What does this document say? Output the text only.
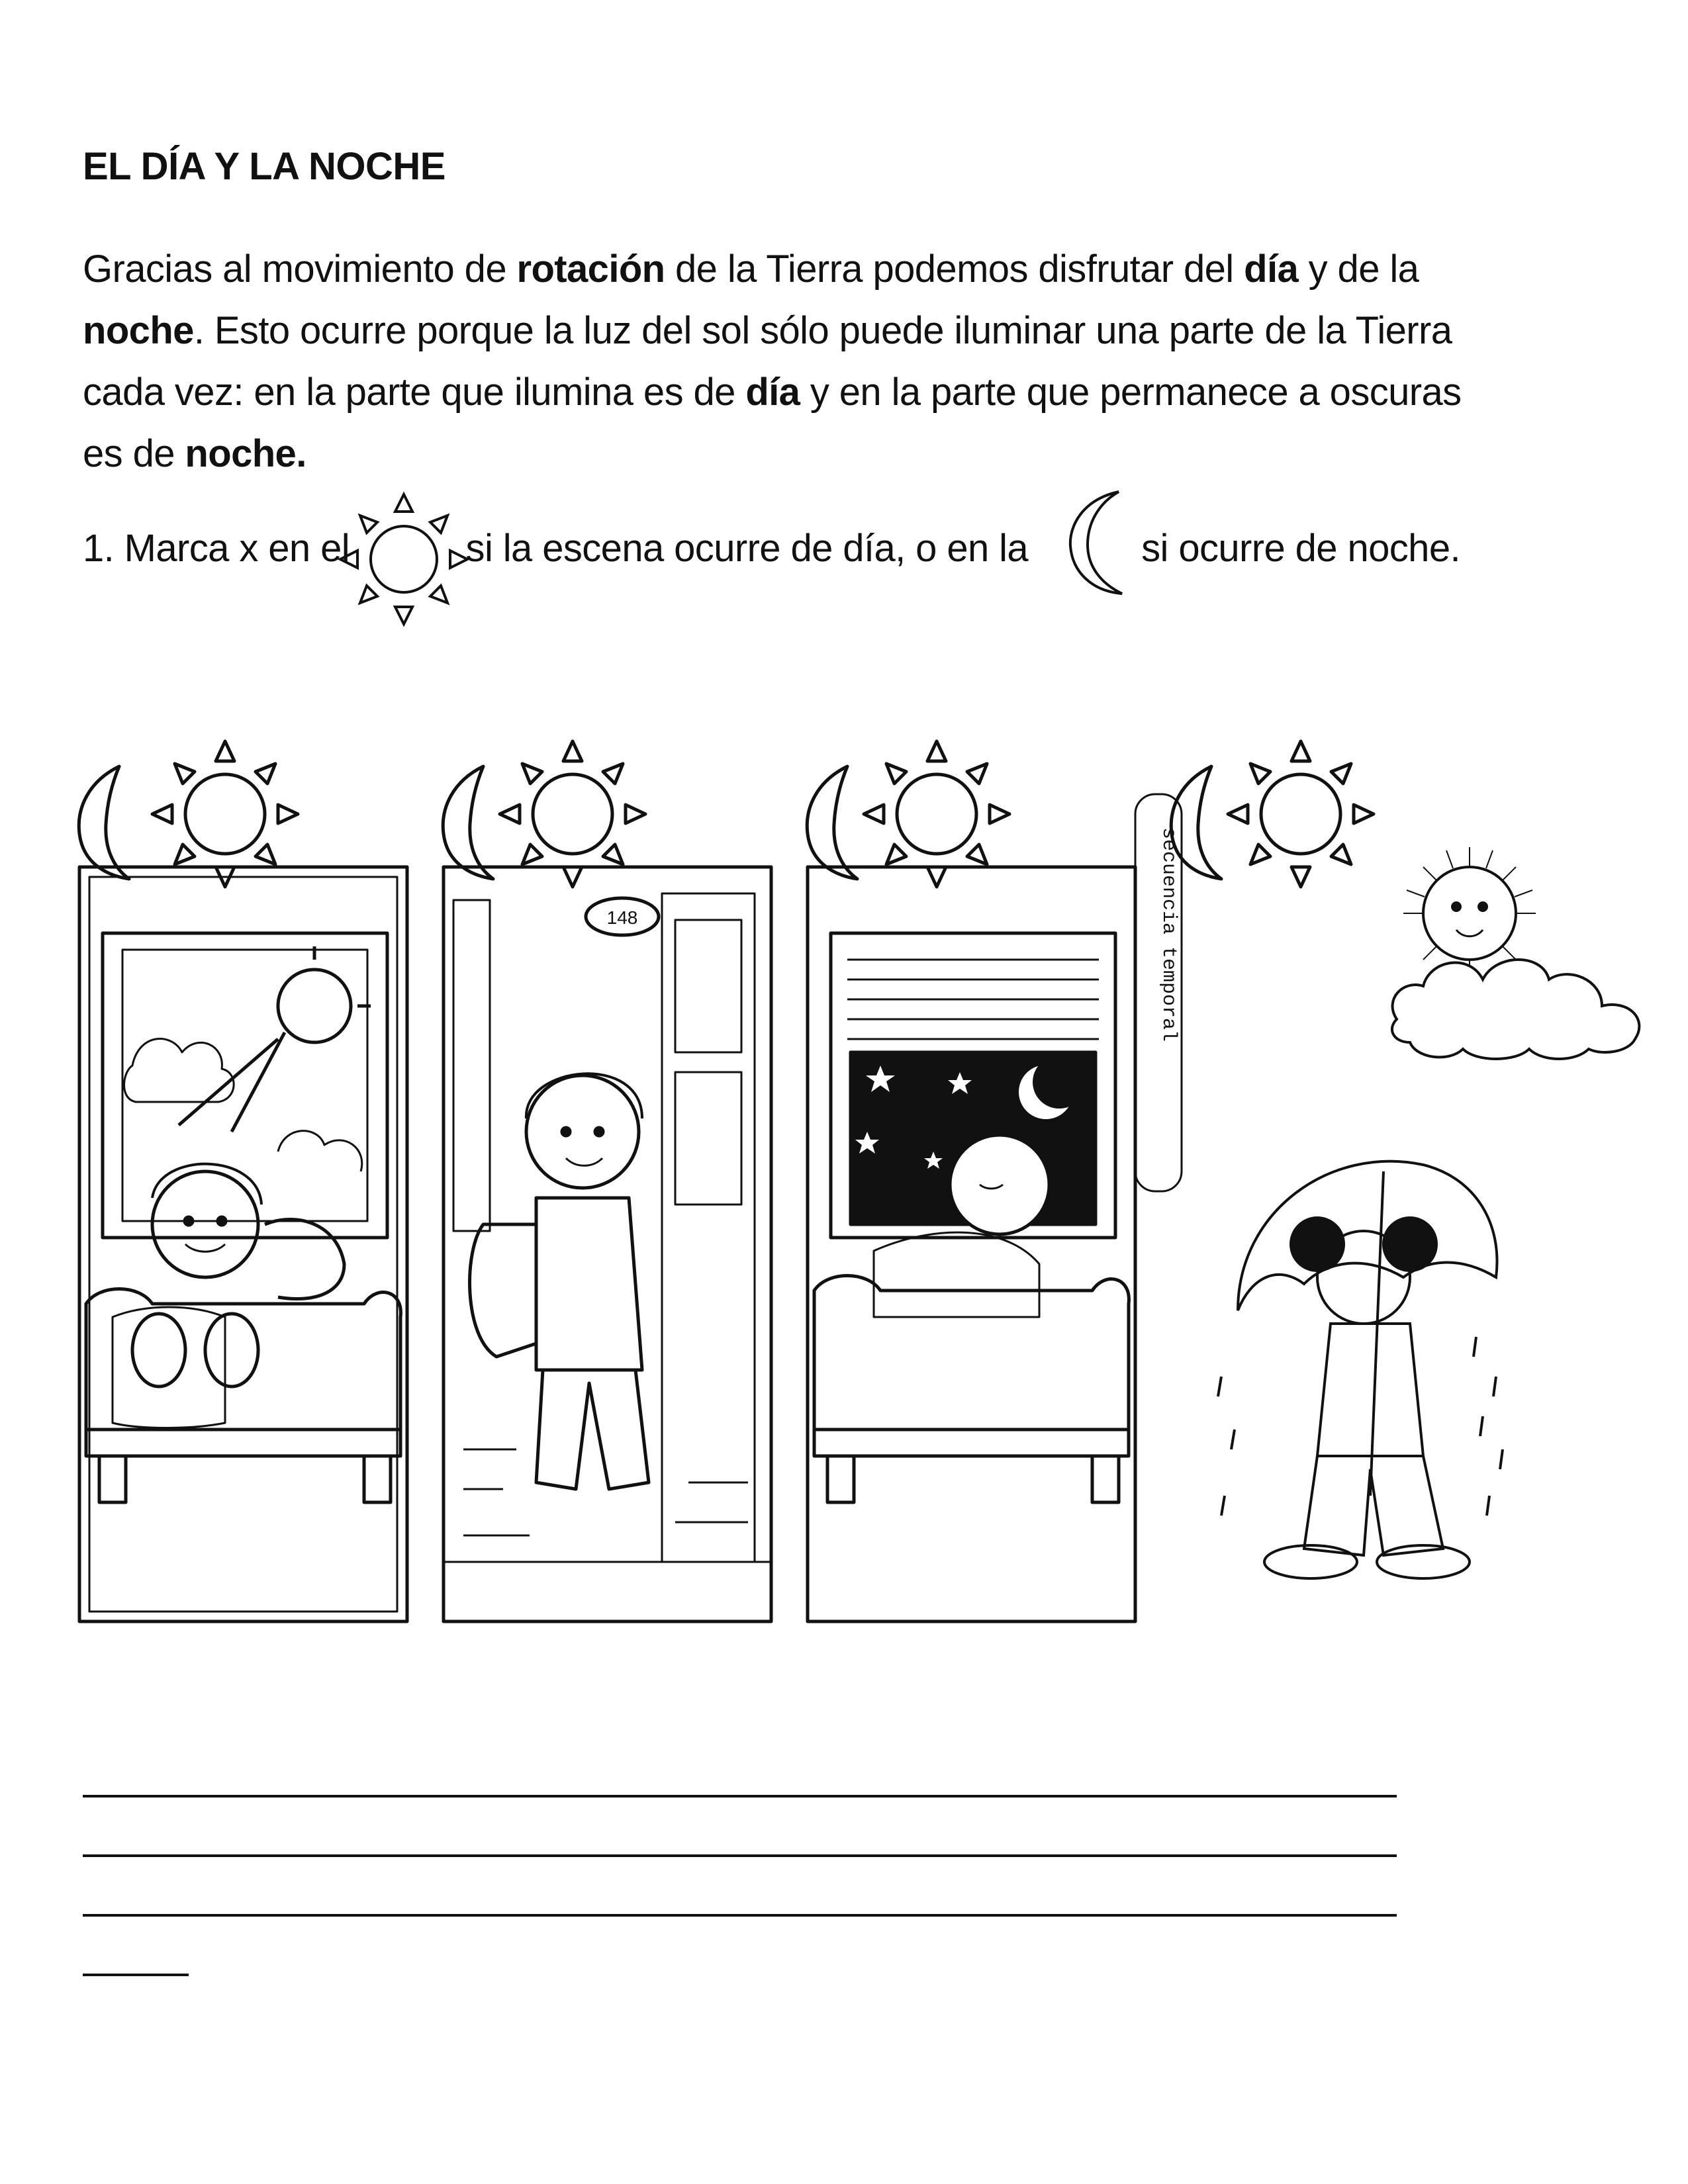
EL DÍA Y LA NOCHE
Gracias al movimiento de rotación de la Tierra podemos disfrutar del día y de la noche. Esto ocurre porque la luz del sol sólo puede iluminar una parte de la Tierra cada vez: en la parte que ilumina es de día y en la parte que permanece a oscuras es de noche.
1. Marca x en el	si la escena ocurre de día, o en la  si ocurre de noche.
148	secuencia temporal
